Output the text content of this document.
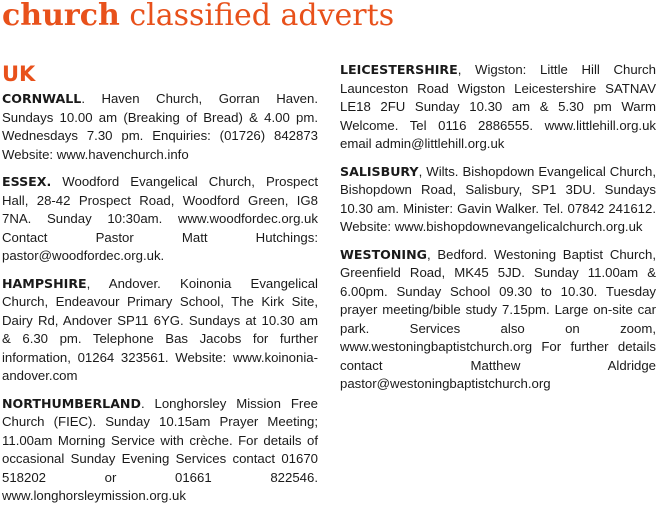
church classified adverts
UK

CORNWALL. Haven Church, Gorran Haven. Sundays 10.00 am (Breaking of Bread) & 4.00 pm. Wednesdays 7.30 pm. Enquiries: (01726) 842873 Website: www.havenchurch.info

ESSEX. Woodford Evangelical Church, Prospect Hall, 28-42 Prospect Road, Woodford Green, IG8 7NA. Sunday 10:30am. www.woodfordec.org.uk Contact Pastor Matt Hutchings: pastor@woodfordec.org.uk.

HAMPSHIRE, Andover. Koinonia Evangelical Church, Endeavour Primary School, The Kirk Site, Dairy Rd, Andover SP11 6YG. Sundays at 10.30 am & 6.30 pm. Telephone Bas Jacobs for further information, 01264 323561. Website: www.koinonia-andover.com

NORTHUMBERLAND. Longhorsley Mission Free Church (FIEC). Sunday 10.15am Prayer Meeting; 11.00am Morning Service with crèche. For details of occasional Sunday Evening Services contact 01670 518202 or 01661 822546. www.longhorsleymission.org.uk

LEICESTERSHIRE, Wigston: Little Hill Church Launceston Road Wigston Leicestershire SATNAV LE18 2FU Sunday 10.30 am & 5.30 pm Warm Welcome. Tel 0116 2886555. www.littlehill.org.uk email admin@littlehill.org.uk

SALISBURY, Wilts. Bishopdown Evangelical Church, Bishopdown Road, Salisbury, SP1 3DU. Sundays 10.30 am. Minister: Gavin Walker. Tel. 07842 241612. Website: www.bishopdownevangelicalchurch.org.uk

WESTONING, Bedford. Westoning Baptist Church, Greenfield Road, MK45 5JD. Sunday 11.00am & 6.00pm. Sunday School 09.30 to 10.30. Tuesday prayer meeting/bible study 7.15pm. Large on-site car park. Services also on zoom, www.westoningbaptistchurch.org For further details contact Matthew Aldridge pastor@westoningbaptistchurch.org
